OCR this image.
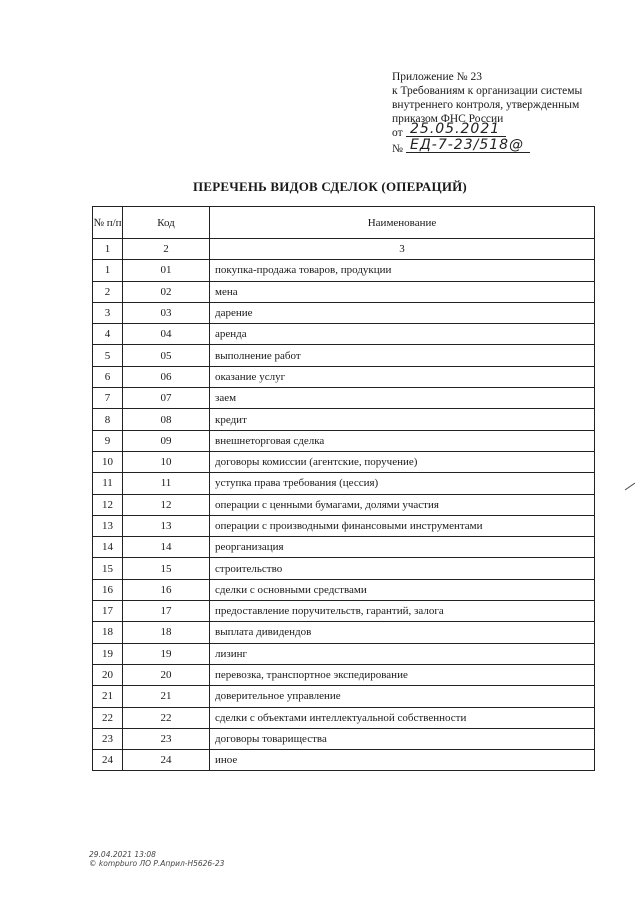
Приложение № 23
к Требованиям к организации системы
внутреннего контроля, утвержденным
приказом ФНС России
от 25.05.2021
№ ЕД-7-23/518@
ПЕРЕЧЕНЬ ВИДОВ СДЕЛОК (ОПЕРАЦИЙ)
№ п/п	Код	Наименование
1	2	3
1	01	покупка-продажа товаров, продукции
2	02	мена
3	03	дарение
4	04	аренда
5	05	выполнение работ
6	06	оказание услуг
7	07	заем
8	08	кредит
9	09	внешнеторговая сделка
10	10	договоры комиссии (агентские, поручение)
11	11	уступка права требования (цессия)
12	12	операции с ценными бумагами, долями участия
13	13	операции с производными финансовыми инструментами
14	14	реорганизация
15	15	строительство
16	16	сделки с основными средствами
17	17	предоставление поручительств, гарантий, залога
18	18	выплата дивидендов
19	19	лизинг
20	20	перевозка, транспортное экспедирование
21	21	доверительное управление
22	22	сделки с объектами интеллектуальной собственности
23	23	договоры товарищества
24	24	иное
29.04.2021 13:08
© kompburo ЛО Р.Април-Н5626-23
